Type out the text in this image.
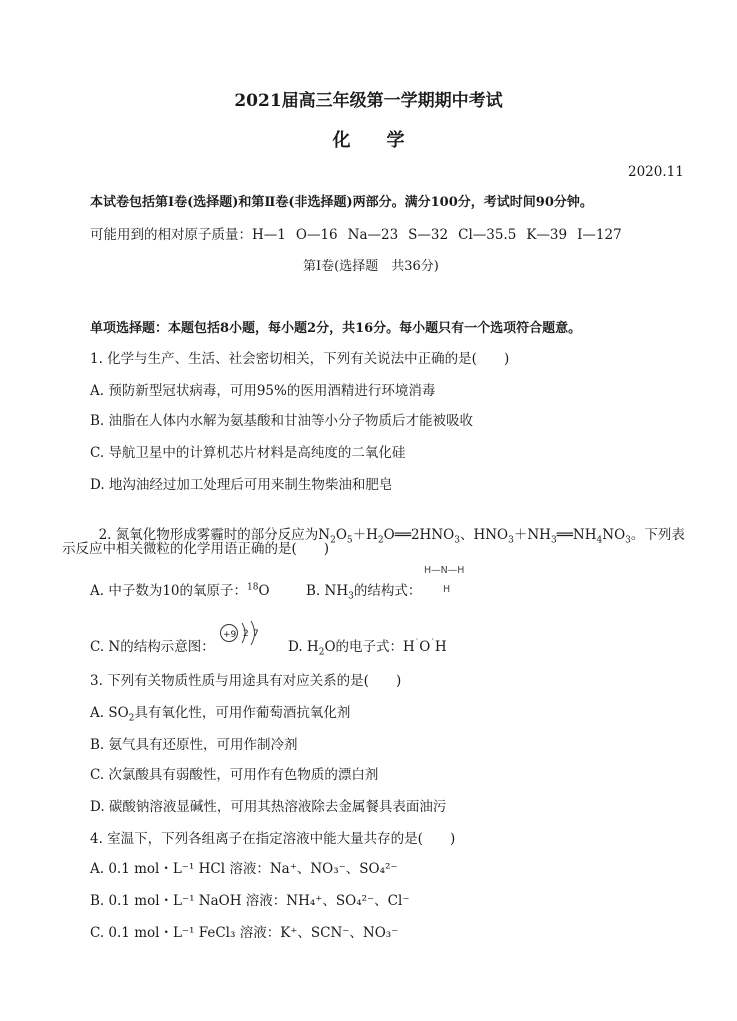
2021届高三年级第一学期期中考试
化　　学
2020.11
本试卷包括第Ⅰ卷(选择题)和第Ⅱ卷(非选择题)两部分。满分100分，考试时间90分钟。
可能用到的相对原子质量：H—1 O—16 Na—23 S—32 Cl—35.5 K—39 I—127
第Ⅰ卷(选择题　共36分)
单项选择题：本题包括8小题，每小题2分，共16分。每小题只有一个选项符合题意。
1. 化学与生产、生活、社会密切相关，下列有关说法中正确的是(　　)
A. 预防新型冠状病毒，可用95%的医用酒精进行环境消毒
B. 油脂在人体内水解为氨基酸和甘油等小分子物质后才能被吸收
C. 导航卫星中的计算机芯片材料是高纯度的二氧化硅
D. 地沟油经过加工处理后可用来制生物柴油和肥皂

2. 氮氧化物形成雾霾时的部分反应为$N_2O_5+H_2O══2HNO_3$、$HNO_3+NH_3══NH_4NO_3$。下列表

示反应中相关微粒的化学用语正确的是(　　)
A. 中子数为10的氧原子：$^{18}$O	B. $NH_3$的结构式：
H—N—H
H
C. N的结构示意图：
+9 2 7
D. $H_2O$的电子式：H˙O˙H
3. 下列有关物质性质与用途具有对应关系的是(　　)
A. $SO_2$具有氧化性，可用作葡萄酒抗氧化剂
B. 氨气具有还原性，可用作制冷剂
C. 次氯酸具有弱酸性，可用作有色物质的漂白剂
D. 碳酸钠溶液显碱性，可用其热溶液除去金属餐具表面油污
4. 室温下，下列各组离子在指定溶液中能大量共存的是(　　)
A. 0.1 mol・L⁻¹ HCl 溶液：Na⁺、NO₃⁻、SO₄²⁻
B. 0.1 mol・L⁻¹ NaOH 溶液：NH₄⁺、SO₄²⁻、Cl⁻
C. 0.1 mol・L⁻¹ FeCl₃ 溶液：K⁺、SCN⁻、NO₃⁻
